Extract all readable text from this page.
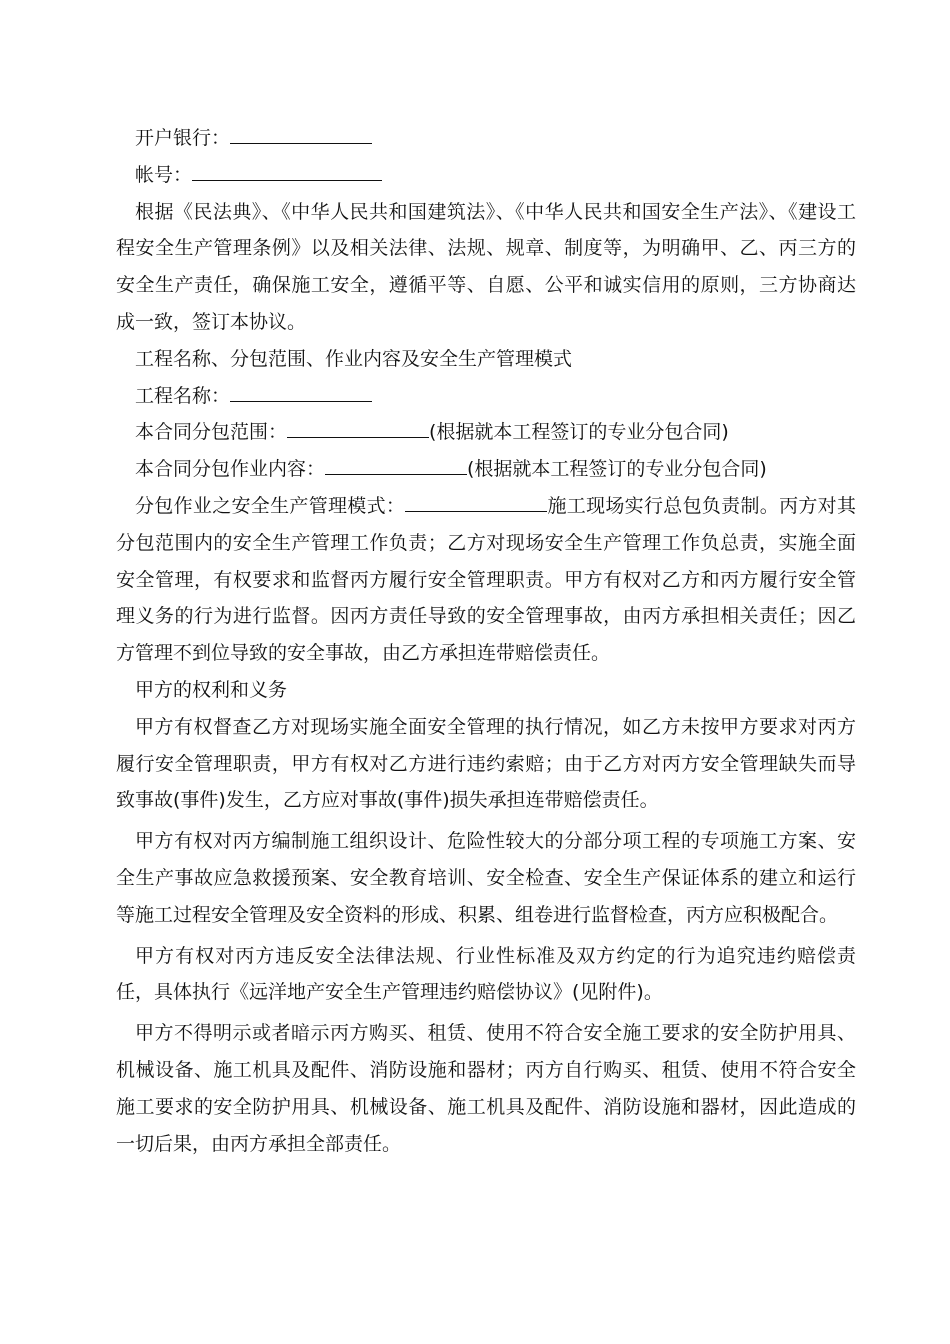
开户银行：

帐号：

根据《民法典》、《中华人民共和国建筑法》、《中华人民共和国安全生产法》、《建设工程安全生产管理条例》以及相关法律、法规、规章、制度等，为明确甲、乙、丙三方的安全生产责任，确保施工安全，遵循平等、自愿、公平和诚实信用的原则，三方协商达成一致，签订本协议。

工程名称、分包范围、作业内容及安全生产管理模式

工程名称：

本合同分包范围：	(根据就本工程签订的专业分包合同)

本合同分包作业内容：	(根据就本工程签订的专业分包合同)

分包作业之安全生产管理模式：	施工现场实行总包负责制。丙方对其分包范围内的安全生产管理工作负责；乙方对现场安全生产管理工作负总责，实施全面安全管理，有权要求和监督丙方履行安全管理职责。甲方有权对乙方和丙方履行安全管理义务的行为进行监督。因丙方责任导致的安全管理事故，由丙方承担相关责任；因乙方管理不到位导致的安全事故，由乙方承担连带赔偿责任。

甲方的权利和义务

甲方有权督查乙方对现场实施全面安全管理的执行情况，如乙方未按甲方要求对丙方履行安全管理职责，甲方有权对乙方进行违约索赔；由于乙方对丙方安全管理缺失而导致事故(事件)发生，乙方应对事故(事件)损失承担连带赔偿责任。

甲方有权对丙方编制施工组织设计、危险性较大的分部分项工程的专项施工方案、安全生产事故应急救援预案、安全教育培训、安全检查、安全生产保证体系的建立和运行等施工过程安全管理及安全资料的形成、积累、组卷进行监督检查，丙方应积极配合。

甲方有权对丙方违反安全法律法规、行业性标准及双方约定的行为追究违约赔偿责任，具体执行《远洋地产安全生产管理违约赔偿协议》(见附件)。

甲方不得明示或者暗示丙方购买、租赁、使用不符合安全施工要求的安全防护用具、机械设备、施工机具及配件、消防设施和器材；丙方自行购买、租赁、使用不符合安全施工要求的安全防护用具、机械设备、施工机具及配件、消防设施和器材，因此造成的一切后果，由丙方承担全部责任。
